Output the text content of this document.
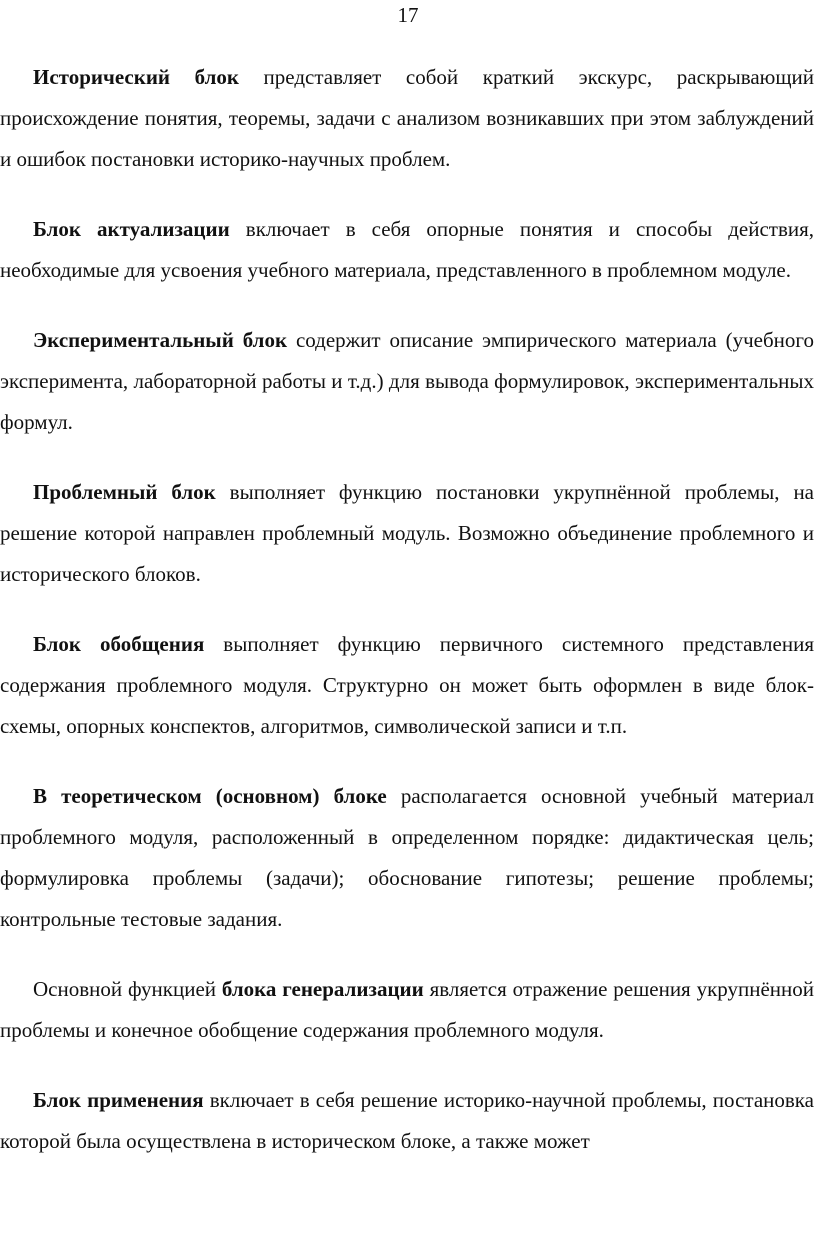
17

Исторический блок представляет собой краткий экскурс, раскрывающий происхождение понятия, теоремы, задачи с анализом возникавших при этом заблуждений и ошибок постановки историко-научных проблем.

Блок актуализации включает в себя опорные понятия и способы действия, необходимые для усвоения учебного материала, представленного в проблемном модуле.

Экспериментальный блок содержит описание эмпирического материала (учебного эксперимента, лабораторной работы и т.д.) для вывода формулировок, экспериментальных формул.

Проблемный блок выполняет функцию постановки укрупнённой проблемы, на решение которой направлен проблемный модуль. Возможно объединение проблемного и исторического блоков.

Блок обобщения выполняет функцию первичного системного представления содержания проблемного модуля. Структурно он может быть оформлен в виде блок-схемы, опорных конспектов, алгоритмов, символической записи и т.п.

В теоретическом (основном) блоке располагается основной учебный материал проблемного модуля, расположенный в определенном порядке: дидактическая цель; формулировка проблемы (задачи); обоснование гипотезы; решение проблемы; контрольные тестовые задания.

Основной функцией блока генерализации является отражение решения укрупнённой проблемы и конечное обобщение содержания проблемного модуля.

Блок применения включает в себя решение историко-научной проблемы, постановка которой была осуществлена в историческом блоке, а также может
